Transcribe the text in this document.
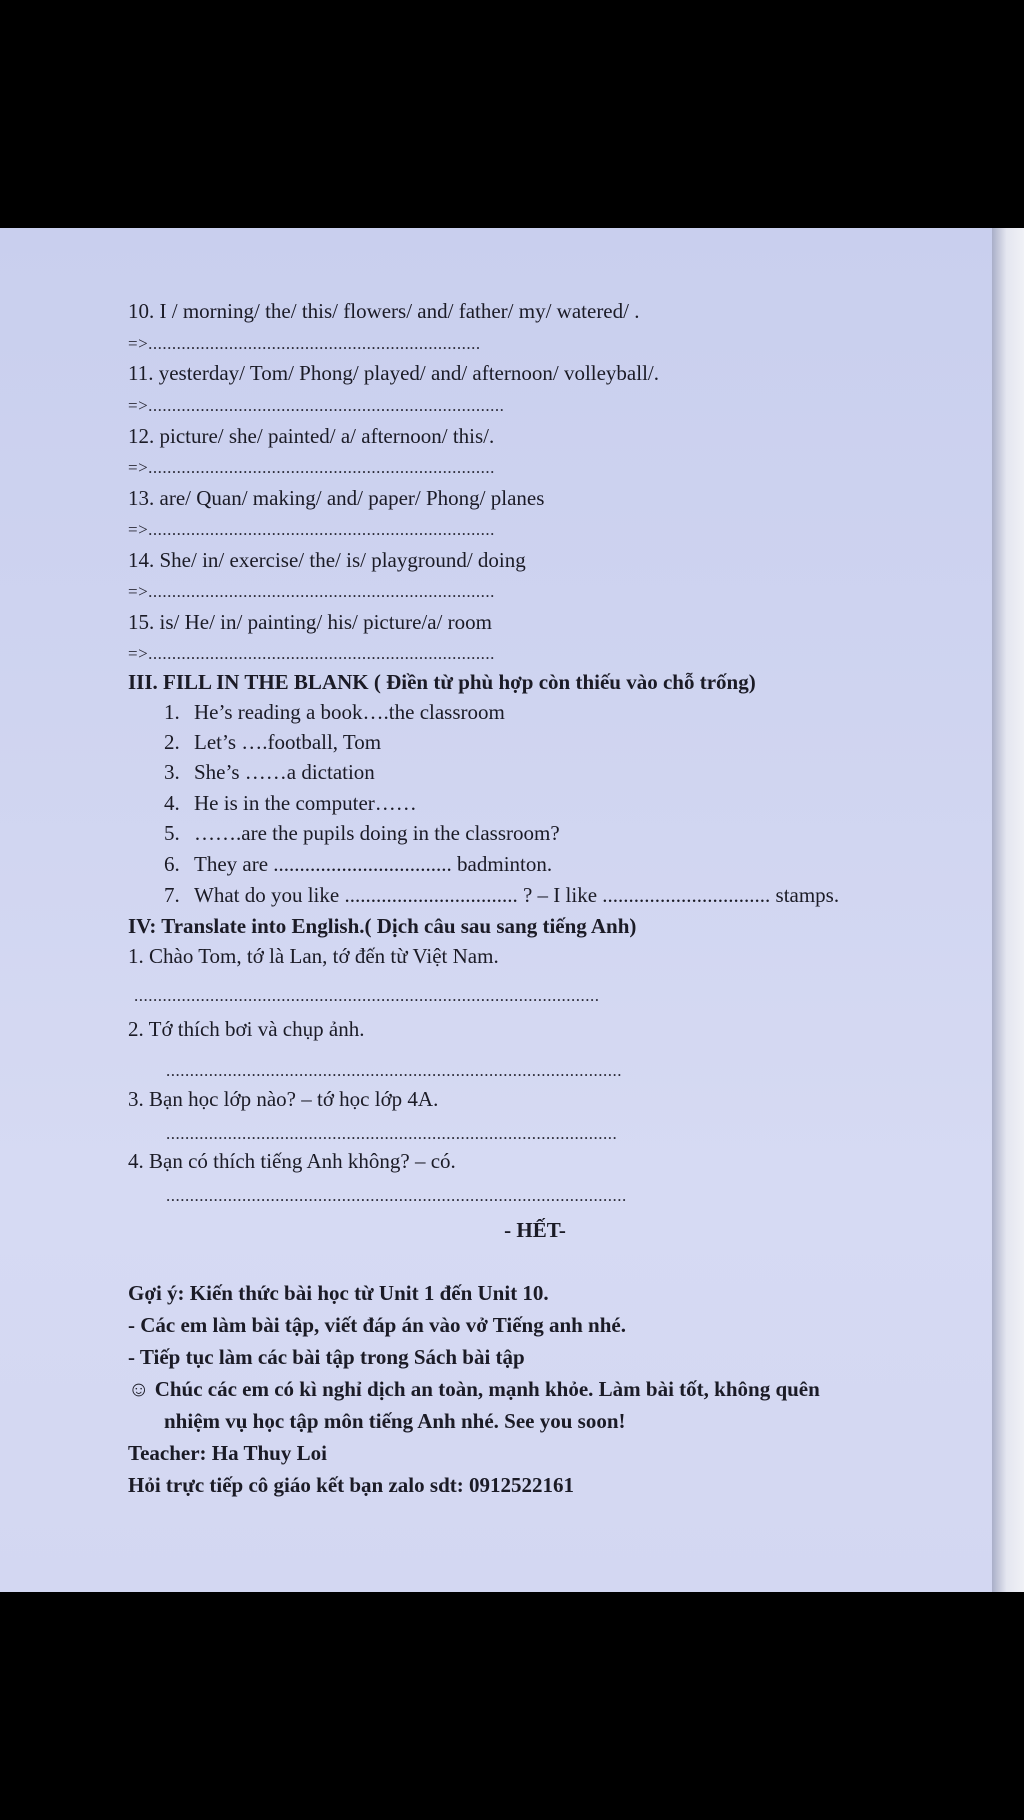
10. I / morning/ the/ this/ flowers/ and/ father/ my/ watered/ .
=>......................................................................
11. yesterday/ Tom/ Phong/ played/ and/ afternoon/ volleyball/.
=>...........................................................................
12. picture/ she/ painted/ a/ afternoon/ this/.
=>.........................................................................
13. are/ Quan/ making/ and/ paper/ Phong/ planes
=>.........................................................................
14. She/ in/ exercise/ the/ is/ playground/ doing
=>.........................................................................
15. is/ He/ in/ painting/ his/ picture/a/ room
=>.........................................................................
III. FILL IN THE BLANK ( Điền từ phù hợp còn thiếu vào chỗ trống)
1. He’s reading a book….the classroom
2. Let’s ….football, Tom
3. She’s ……a dictation
4. He is in the computer……
5. …….are the pupils doing in the classroom?
6. They are .................................. badminton.
7. What do you like ................................. ? – I like ................................ stamps.
IV: Translate into English.( Dịch câu sau sang tiếng Anh)
1. Chào Tom, tớ là Lan, tớ đến từ Việt Nam.
..................................................................................................
2. Tớ thích bơi và chụp ảnh.
................................................................................................
3. Bạn học lớp nào? – tớ học lớp 4A.
...............................................................................................
4. Bạn có thích tiếng Anh không? – có.
.................................................................................................
- HẾT-
Gợi ý: Kiến thức bài học từ Unit 1 đến Unit 10.
- Các em làm bài tập, viết đáp án vào vở Tiếng anh nhé.
- Tiếp tục làm các bài tập trong Sách bài tập
☺ Chúc các em có kì nghỉ dịch an toàn, mạnh khỏe. Làm bài tốt, không quên
nhiệm vụ học tập môn tiếng Anh nhé. See you soon!
Teacher: Ha Thuy Loi
Hỏi trực tiếp cô giáo kết bạn zalo sdt: 0912522161
